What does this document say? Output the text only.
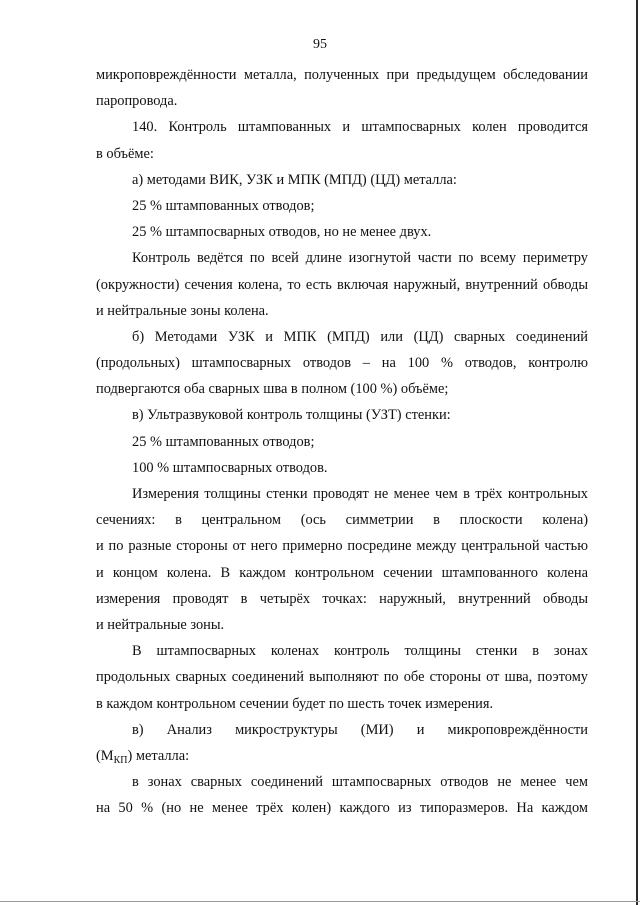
95
микроповреждённости металла, полученных при предыдущем обследовании
паропровода.
140. Контроль штампованных и штампосварных колен проводится
в объёме:
а) методами ВИК, УЗК и МПК (МПД) (ЦД) металла:
25 % штампованных отводов;
25 % штампосварных отводов, но не менее двух.
Контроль ведётся по всей длине изогнутой части по всему периметру
(окружности) сечения колена, то есть включая наружный, внутренний обводы
и нейтральные зоны колена.
б) Методами УЗК и МПК (МПД) или (ЦД) сварных соединений
(продольных) штампосварных отводов – на 100 % отводов, контролю
подвергаются оба сварных шва в полном (100 %) объёме;
в) Ультразвуковой контроль толщины (УЗТ) стенки:
25 % штампованных отводов;
100 % штампосварных отводов.
Измерения толщины стенки проводят не менее чем в трёх контрольных
сечениях: в центральном (ось симметрии в плоскости колена)
и по разные стороны от него примерно посредине между центральной частью
и концом колена. В каждом контрольном сечении штампованного колена
измерения проводят в четырёх точках: наружный, внутренний обводы
и нейтральные зоны.
В штампосварных коленах контроль толщины стенки в зонах
продольных сварных соединений выполняют по обе стороны от шва, поэтому
в каждом контрольном сечении будет по шесть точек измерения.
в) Анализ микроструктуры (МИ) и микроповреждённости
$(М_{КП})$ металла:
в зонах сварных соединений штампосварных отводов не менее чем
на 50 % (но не менее трёх колен) каждого из типоразмеров. На каждом
